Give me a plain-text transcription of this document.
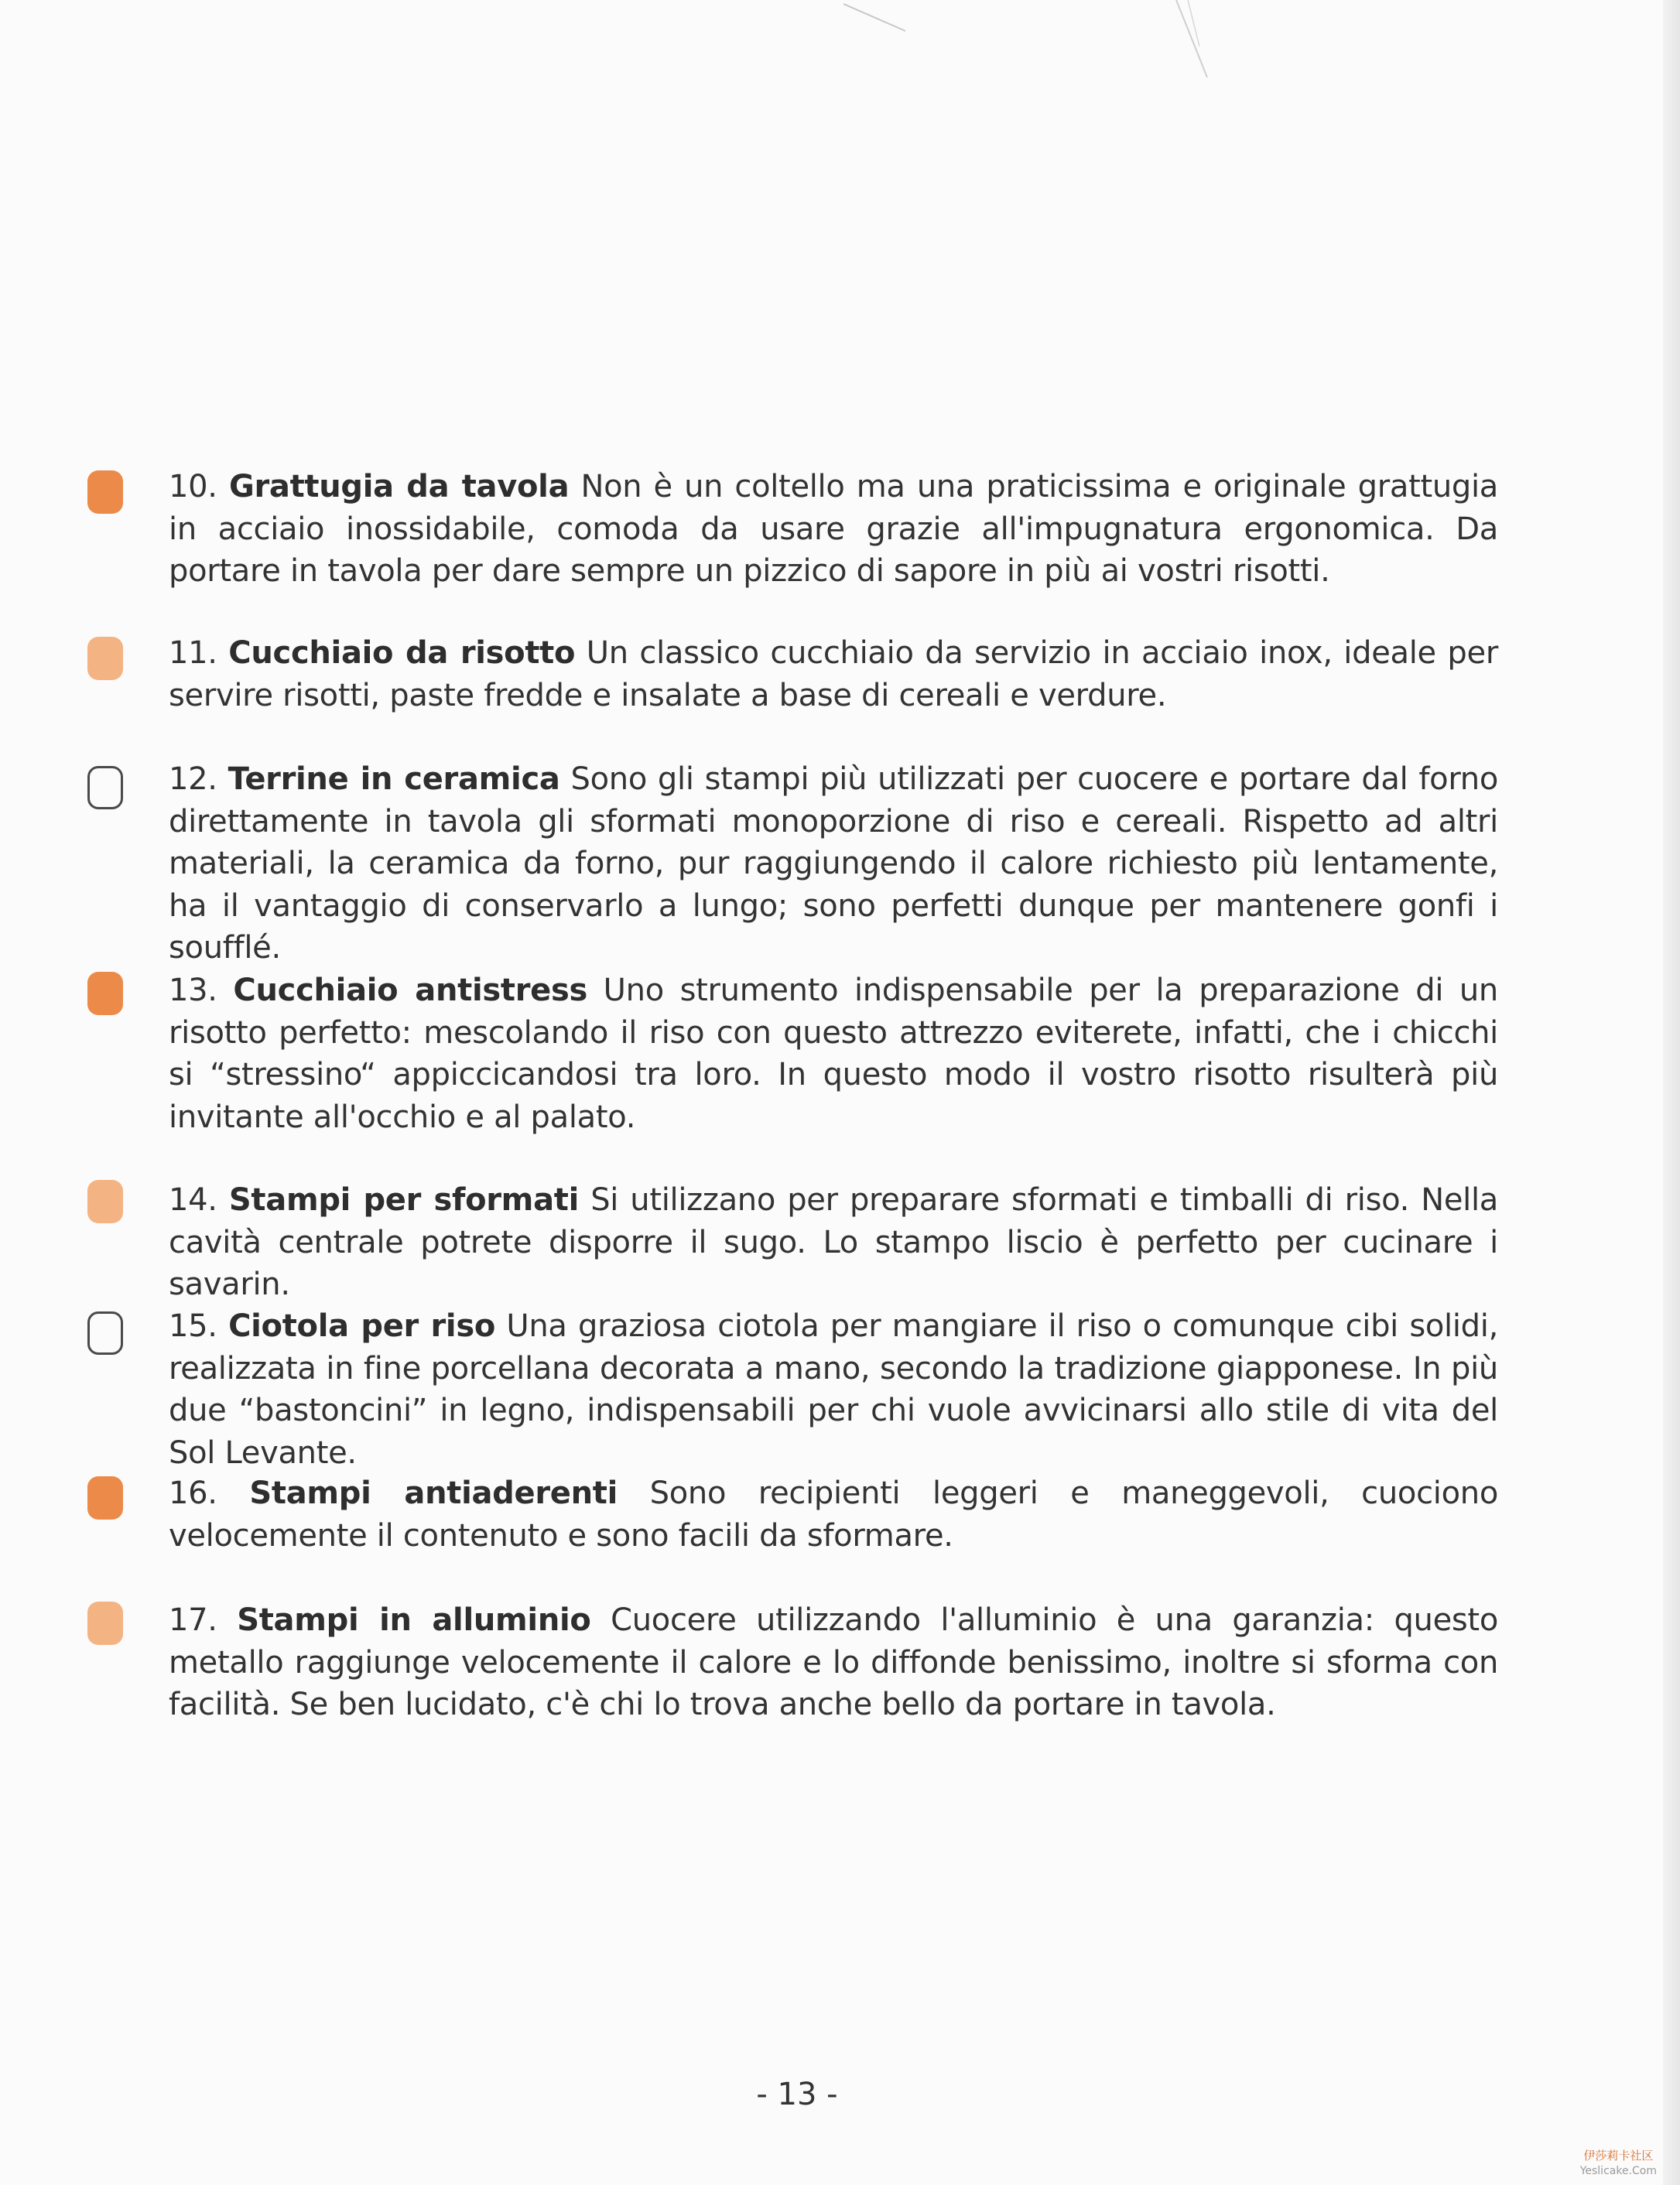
10. Grattugia da tavola Non è un coltello ma una praticissima e originale grattugia in acciaio inossidabile, comoda da usare grazie all'impugnatura ergonomica. Da portare in tavola per dare sempre un pizzico di sapore in più ai vostri risotti.
11. Cucchiaio da risotto Un classico cucchiaio da servizio in acciaio inox, ideale per servire risotti, paste fredde e insalate a base di cereali e verdure.
12. Terrine in ceramica Sono gli stampi più utilizzati per cuocere e portare dal forno direttamente in tavola gli sformati monoporzione di riso e cereali. Rispetto ad altri materiali, la ceramica da forno, pur raggiungendo il calore richiesto più lentamente, ha il vantaggio di conservarlo a lungo; sono perfetti dunque per mantenere gonfi i soufflé.
13. Cucchiaio antistress Uno strumento indispensabile per la preparazione di un risotto perfetto: mescolando il riso con questo attrezzo eviterete, infatti, che i chicchi si “stressino“ appiccicandosi tra loro. In questo modo il vostro risotto risulterà più invitante all'occhio e al palato.
14. Stampi per sformati Si utilizzano per preparare sformati e timballi di riso. Nella cavità centrale potrete disporre il sugo. Lo stampo liscio è perfetto per cucinare i savarin.
15. Ciotola per riso Una graziosa ciotola per mangiare il riso o comunque cibi solidi, realizzata in fine porcellana decorata a mano, secondo la tradizione giapponese. In più due “bastoncini” in legno, indispensabili per chi vuole avvicinarsi allo stile di vita del Sol Levante.
16. Stampi antiaderenti Sono recipienti leggeri e maneggevoli, cuociono velocemente il contenuto e sono facili da sformare.
17. Stampi in alluminio Cuocere utilizzando l'alluminio è una garanzia: questo metallo raggiunge velocemente il calore e lo diffonde benissimo, inoltre si sforma con facilità. Se ben lucidato, c'è chi lo trova anche bello da portare in tavola.
- 13 -
伊莎莉卡社区
Yeslicake.Com
